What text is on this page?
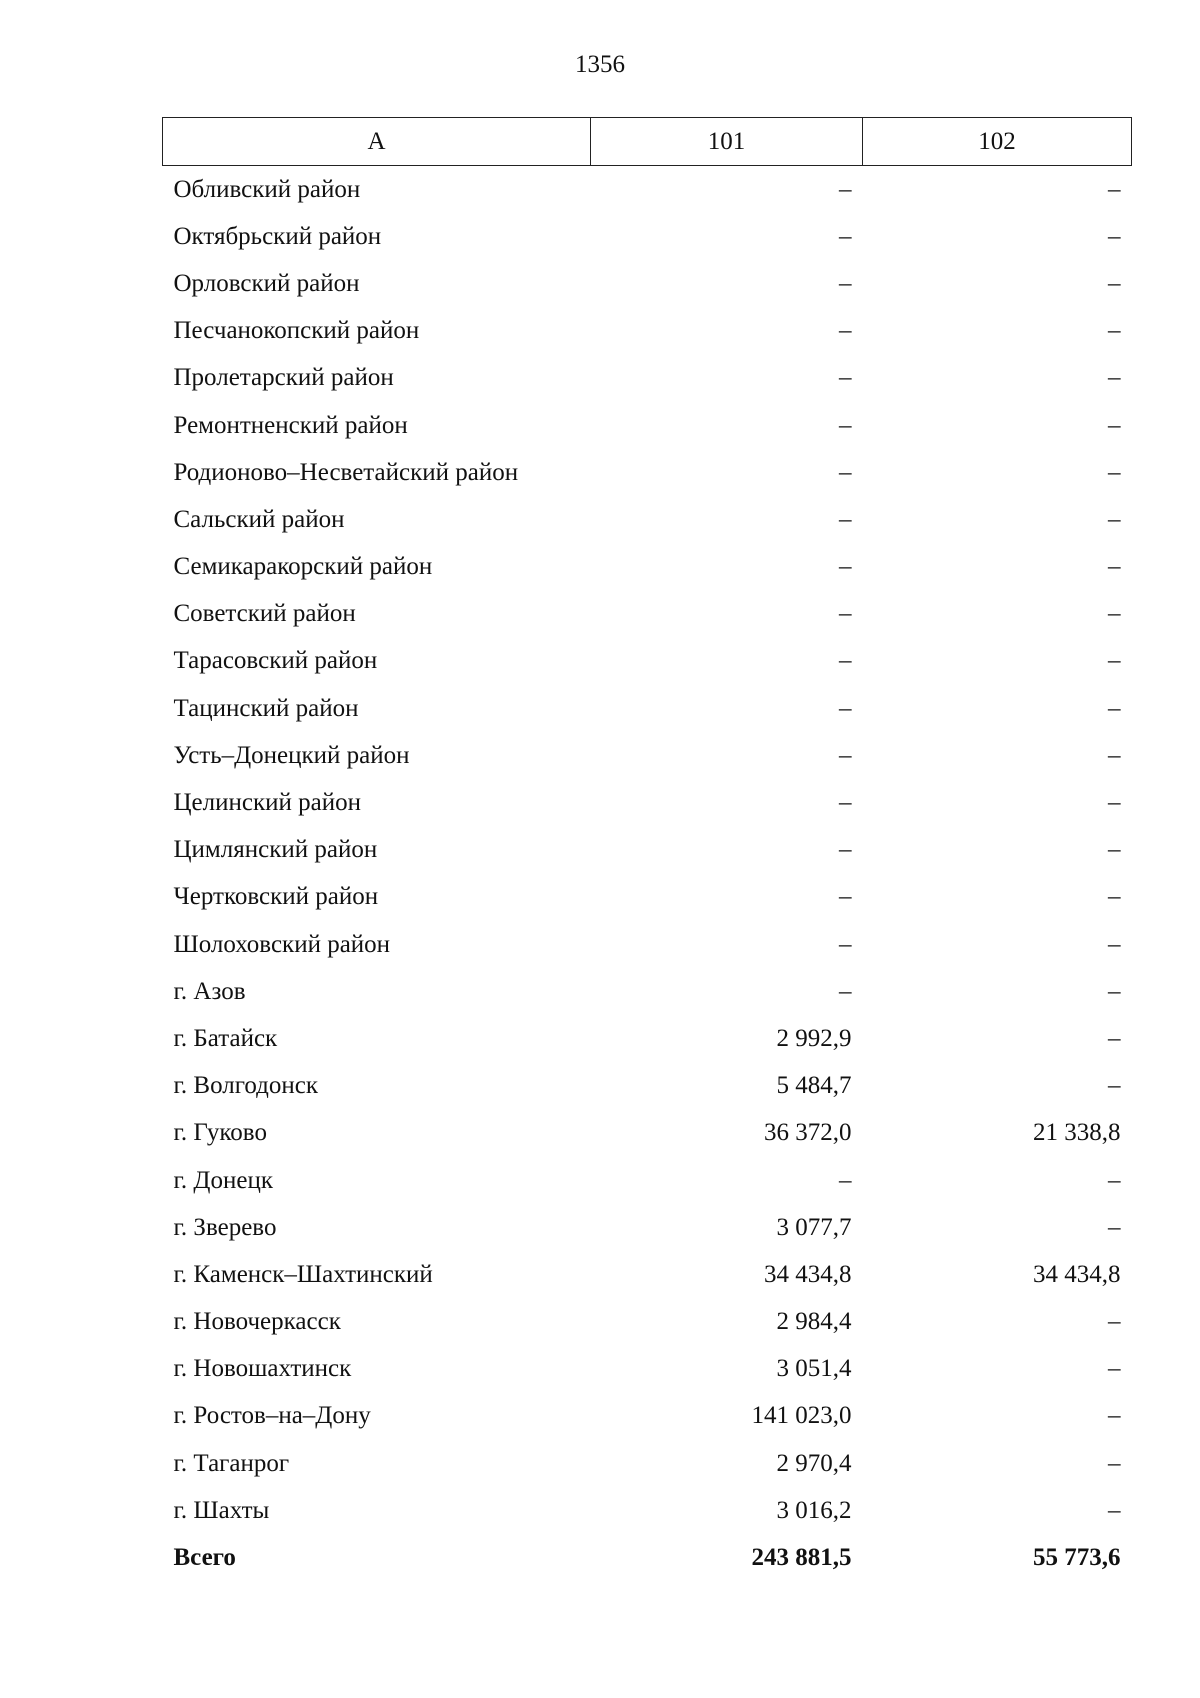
1356
А	101	102
Обливский район	–	–
Октябрьский район	–	–
Орловский район	–	–
Песчанокопский район	–	–
Пролетарский район	–	–
Ремонтненский район	–	–
Родионово–Несветайский район	–	–
Сальский район	–	–
Семикаракорский район	–	–
Советский район	–	–
Тарасовский район	–	–
Тацинский район	–	–
Усть–Донецкий район	–	–
Целинский район	–	–
Цимлянский район	–	–
Чертковский район	–	–
Шолоховский район	–	–
г. Азов	–	–
г. Батайск	2 992,9	–
г. Волгодонск	5 484,7	–
г. Гуково	36 372,0	21 338,8
г. Донецк	–	–
г. Зверево	3 077,7	–
г. Каменск–Шахтинский	34 434,8	34 434,8
г. Новочеркасск	2 984,4	–
г. Новошахтинск	3 051,4	–
г. Ростов–на–Дону	141 023,0	–
г. Таганрог	2 970,4	–
г. Шахты	3 016,2	–
Всего	243 881,5	55 773,6
